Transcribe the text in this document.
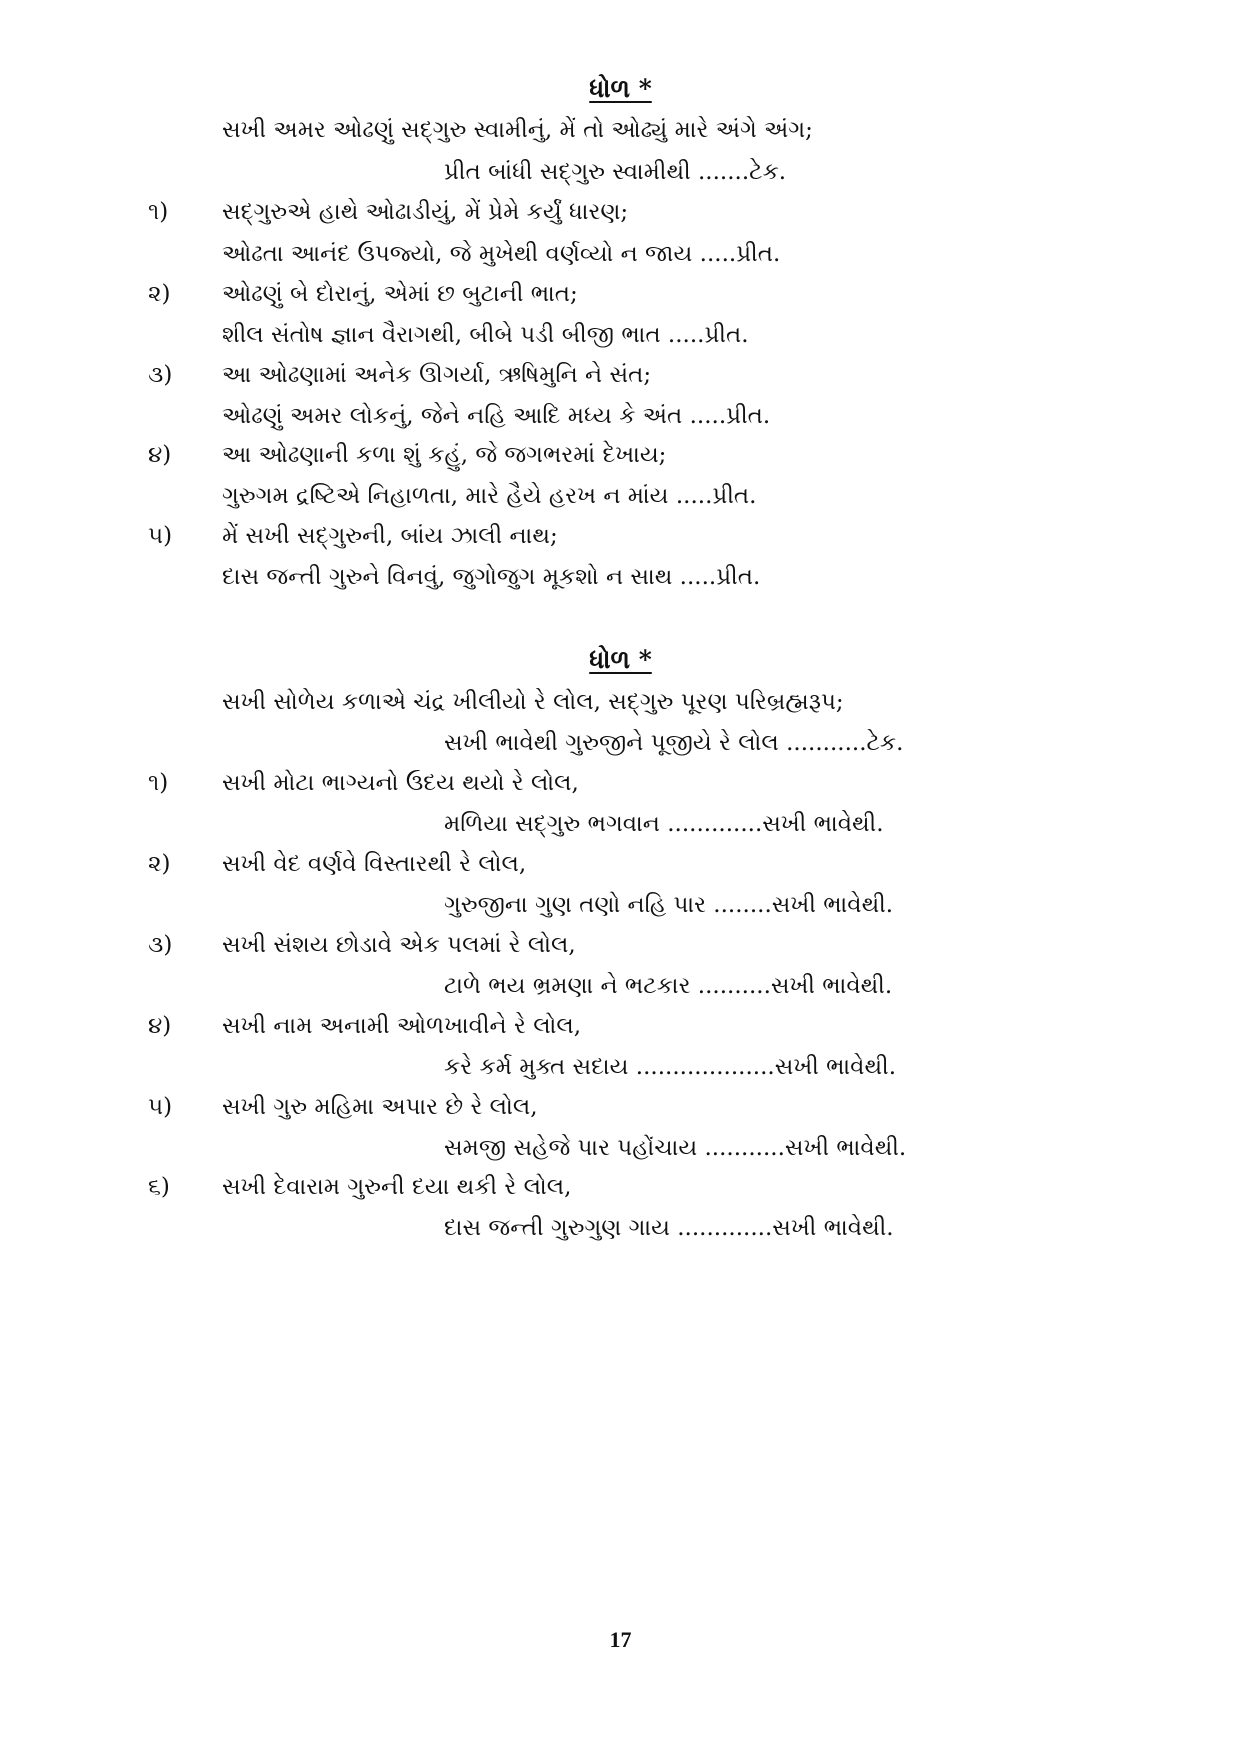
ધોળ *
સખી અમર ઓઢણું સદ્‌ગુરુ સ્વામીનું, મેં તો ઓઢ્યું મારે અંગે અંગ;
પ્રીત બાંધી સદ્‌ગુરુ સ્વામીથી .......ટેક.
૧) સદ્‌ગુરુએ હાથે ઓઢાડીયું, મેં પ્રેમે કર્યું ધારણ;
ઓઢતા આનંદ ઉપજ્યો, જે મુખેથી વર્ણવ્યો ન જાય .....પ્રીત.
૨) ઓઢણું બે દોરાનું, એમાં છ બુટાની ભાત;
શીલ સંતોષ જ્ઞાન વૈરાગથી, બીબે પડી બીજી ભાત .....પ્રીત.
૩) આ ઓઢણામાં અનેક ઊગર્યા, ઋષિમુનિ ને સંત;
ઓઢણું અમર લોકનું, જેને નહિ આદિ મધ્ય કે અંત .....પ્રીત.
૪) આ ઓઢણાની કળા શું કહું, જે જગભરમાં દેખાય;
ગુરુગમ દ્રષ્ટિએ નિહાળતા, મારે હૈયે હરખ ન માંય .....પ્રીત.
૫) મેં સખી સદ્‌ગુરુની, બાંય ઝાલી નાથ;
દાસ જન્તી ગુરુને વિનવું, જુગોજુગ મૂકશો ન સાથ .....પ્રીત.
ધોળ *
સખી સોળેય કળાએ ચંદ્ર ખીલીયો રે લોલ, સદ્‌ગુરુ પૂરણ પરિબ્રહ્મરૂપ;
સખી ભાવેથી ગુરુજીને પૂજીયે રે લોલ ...........ટેક.
૧) સખી મોટા ભાગ્યનો ઉદય થયો રે લોલ,
મળિયા સદ્‌ગુરુ ભગવાન .............સખી ભાવેથી.
૨) સખી વેદ વર્ણવે વિસ્તારથી રે લોલ,
ગુરુજીના ગુણ તણો નહિ પાર ........સખી ભાવેથી.
૩) સખી સંશય છોડાવે એક પલમાં રે લોલ,
ટાળે ભય ભ્રમણા ને ભટકાર ..........સખી ભાવેથી.
૪) સખી નામ અનામી ઓળખાવીને રે લોલ,
કરે કર્મ મુક્ત સદાય ...................સખી ભાવેથી.
૫) સખી ગુરુ મહિમા અપાર છે રે લોલ,
સમજી સહેજે પાર પહોંચાય ...........સખી ભાવેથી.
૬) સખી દેવારામ ગુરુની દયા થકી રે લોલ,
દાસ જન્તી ગુરુગુણ ગાય .............સખી ભાવેથી.
17
